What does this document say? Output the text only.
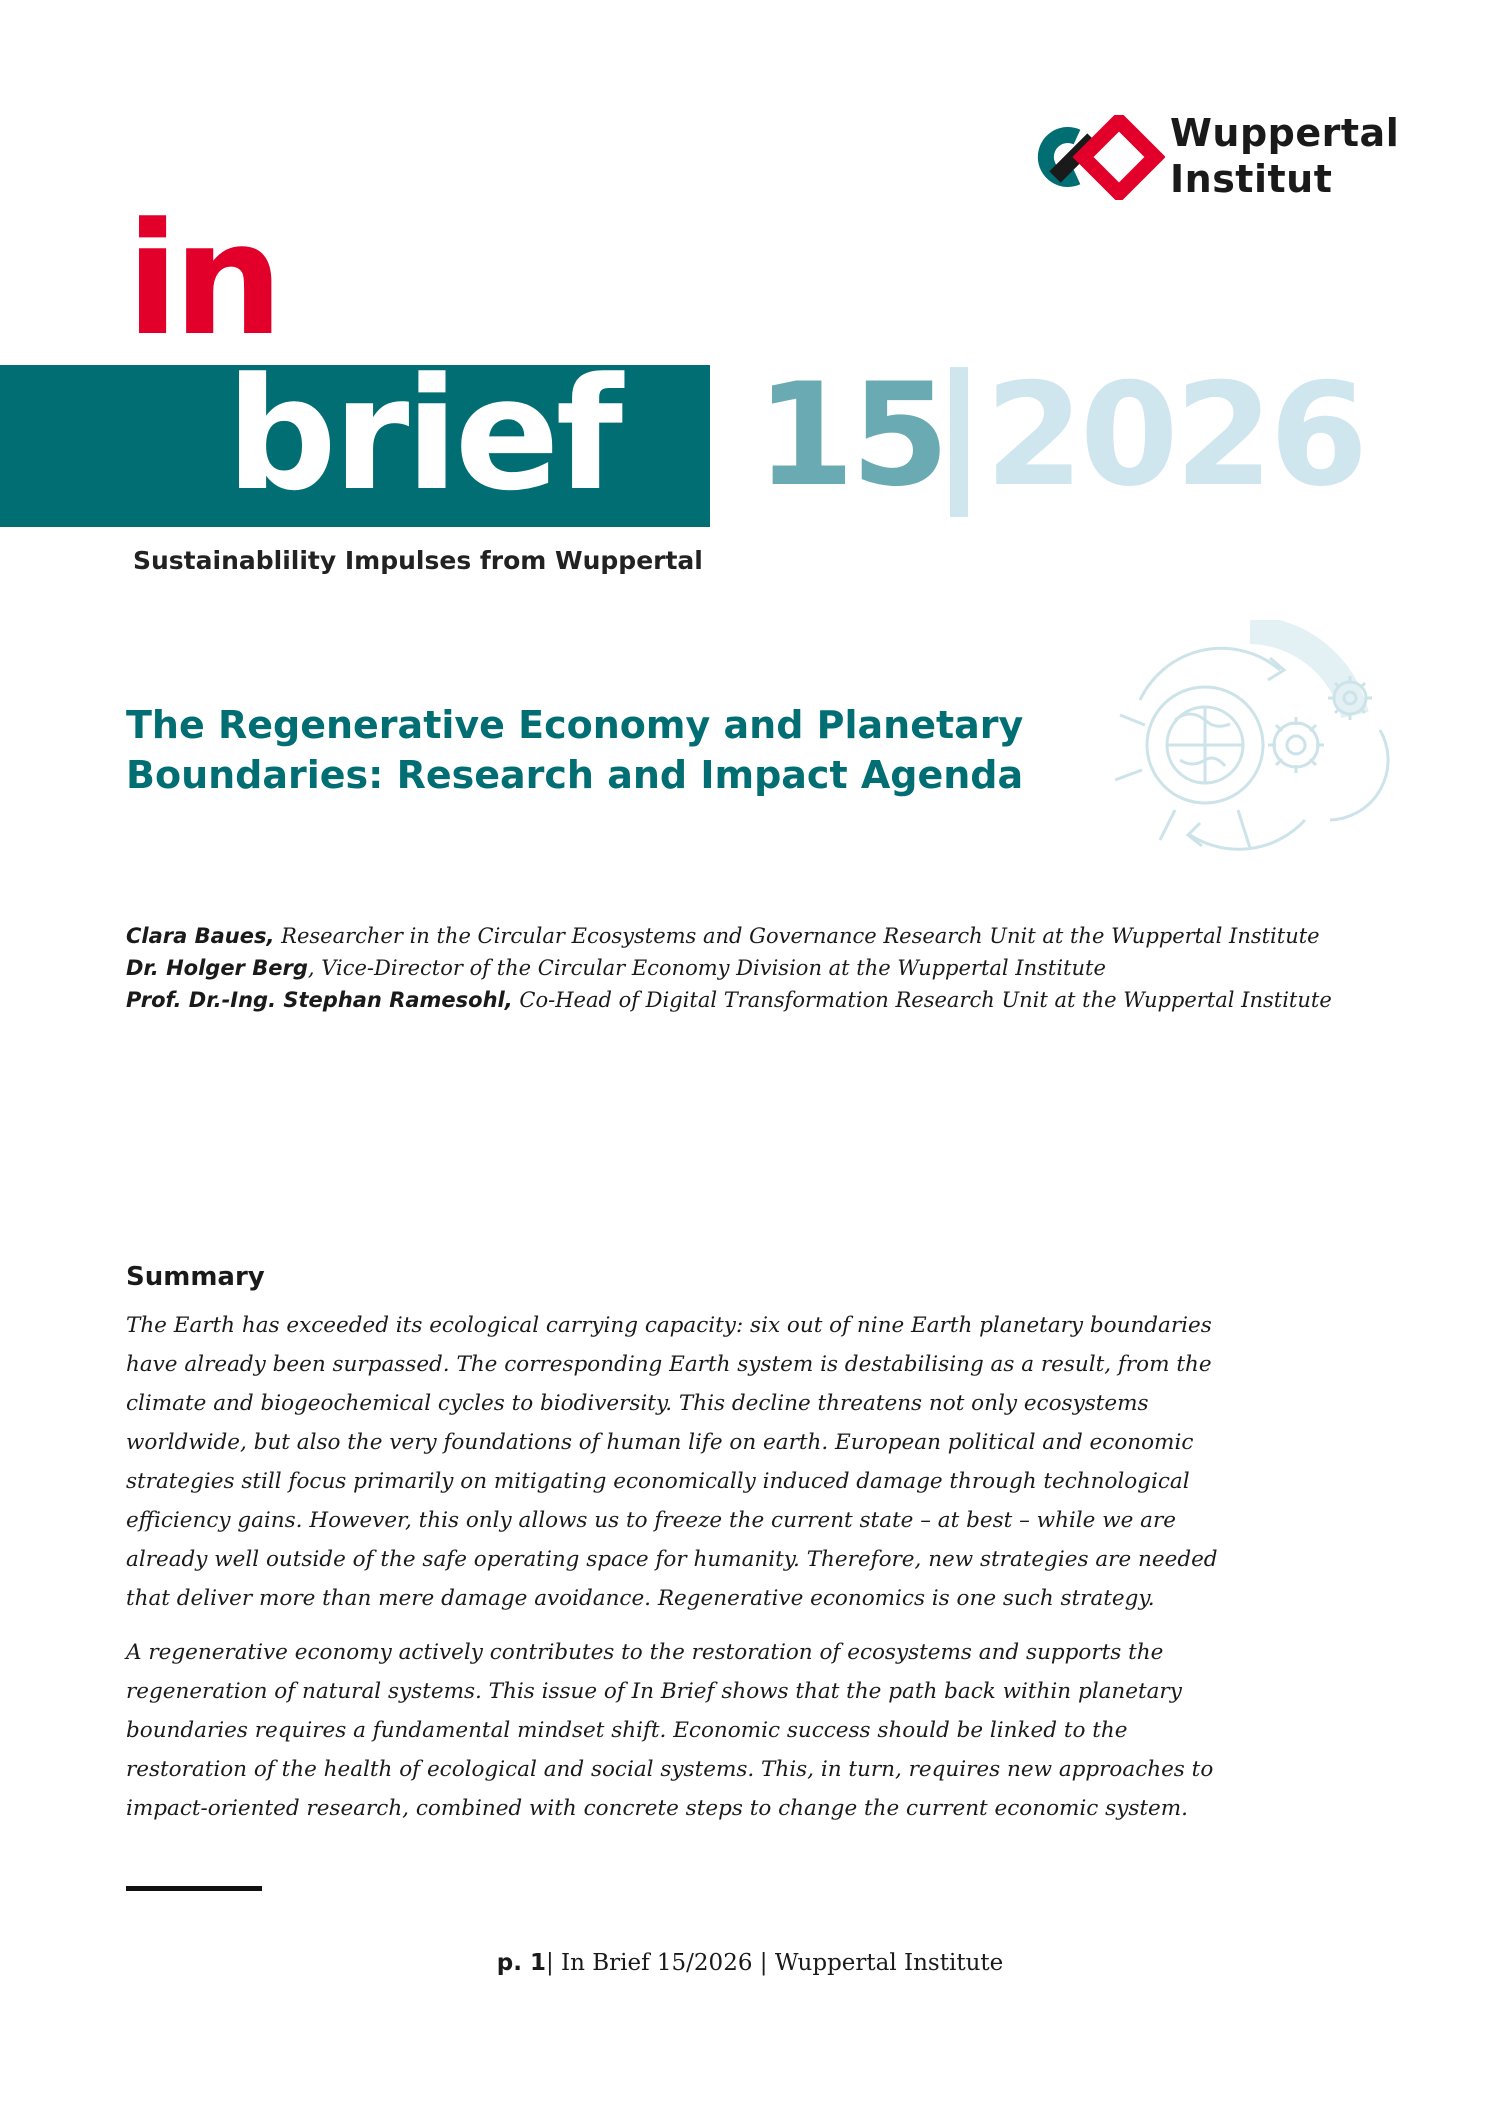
Wuppertal
Institut
in
brief 15 2026
Sustainablility Impulses from Wuppertal
The Regenerative Economy and Planetary
Boundaries: Research and Impact Agenda
Clara Baues, Researcher in the Circular Ecosystems and Governance Research Unit at the Wuppertal Institute
Dr. Holger Berg, Vice-Director of the Circular Economy Division at the Wuppertal Institute
Prof. Dr.-Ing. Stephan Ramesohl, Co-Head of Digital Transformation Research Unit at the Wuppertal Institute
Summary

The Earth has exceeded its ecological carrying capacity: six out of nine Earth planetary boundaries have already been surpassed. The corresponding Earth system is destabilising as a result, from the climate and biogeochemical cycles to biodiversity. This decline threatens not only ecosystems worldwide, but also the very foundations of human life on earth. European political and economic strategies still focus primarily on mitigating economically induced damage through technological efficiency gains. However, this only allows us to freeze the current state – at best – while we are already well outside of the safe operating space for humanity. Therefore, new strategies are needed that deliver more than mere damage avoidance. Regenerative economics is one such strategy.

A regenerative economy actively contributes to the restoration of ecosystems and supports the regeneration of natural systems. This issue of In Brief shows that the path back within planetary boundaries requires a fundamental mindset shift. Economic success should be linked to the restoration of the health of ecological and social systems. This, in turn, requires new approaches to impact-oriented research, combined with concrete steps to change the current economic system.

p. 1| In Brief 15/2026 | Wuppertal Institute
